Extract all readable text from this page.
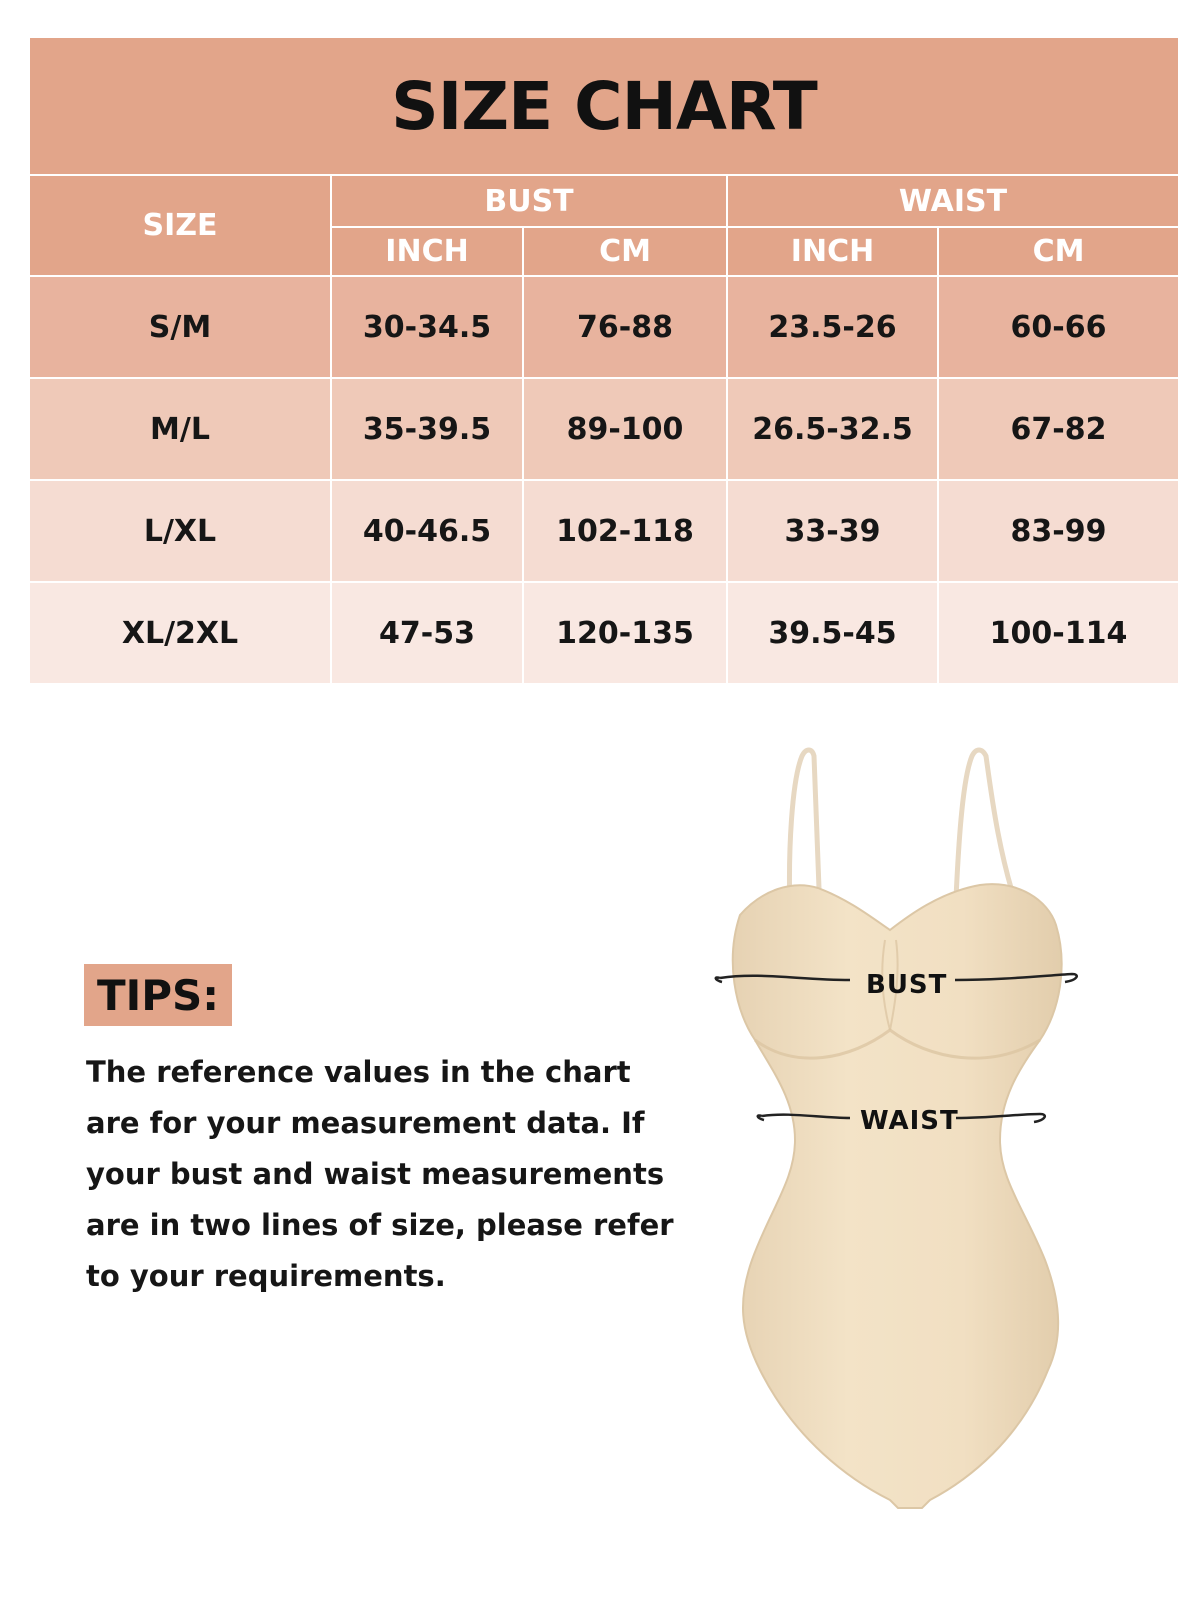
SIZE CHART
SIZE
BUST	WAIST
INCH	CM	INCH	CM
S/M	30-34.5	76-88	23.5-26	60-66
M/L	35-39.5	89-100	26.5-32.5	67-82
L/XL	40-46.5	102-118	33-39	83-99
XL/2XL	47-53	120-135	39.5-45	100-114
TIPS:
The reference values in the chart are for your measurement data. If your bust and waist measurements are in two lines of size, please refer to your requirements.
BUST
WAIST
